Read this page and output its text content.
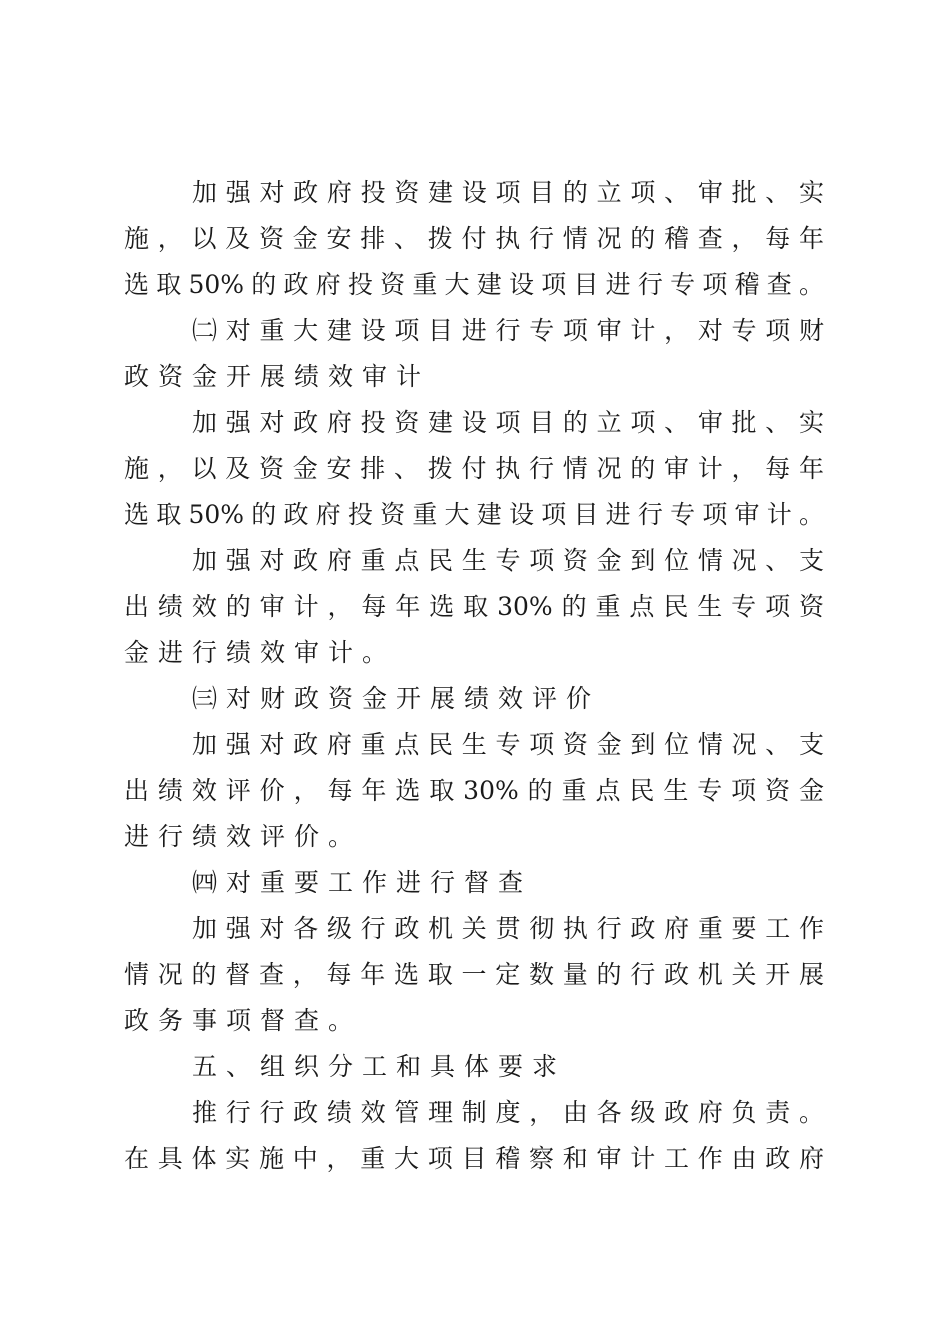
加强对政府投资建设项目的立项、审批、实
施，以及资金安排、拨付执行情况的稽查，每年
选取50%的政府投资重大建设项目进行专项稽查。
㈡对重大建设项目进行专项审计，对专项财
政资金开展绩效审计
加强对政府投资建设项目的立项、审批、实
施，以及资金安排、拨付执行情况的审计，每年
选取50%的政府投资重大建设项目进行专项审计。
加强对政府重点民生专项资金到位情况、支
出绩效的审计，每年选取30%的重点民生专项资
金进行绩效审计。
㈢对财政资金开展绩效评价
加强对政府重点民生专项资金到位情况、支
出绩效评价，每年选取30%的重点民生专项资金
进行绩效评价。
㈣对重要工作进行督查
加强对各级行政机关贯彻执行政府重要工作
情况的督查，每年选取一定数量的行政机关开展
政务事项督查。
五、组织分工和具体要求
推行行政绩效管理制度，由各级政府负责。
在具体实施中，重大项目稽察和审计工作由政府
